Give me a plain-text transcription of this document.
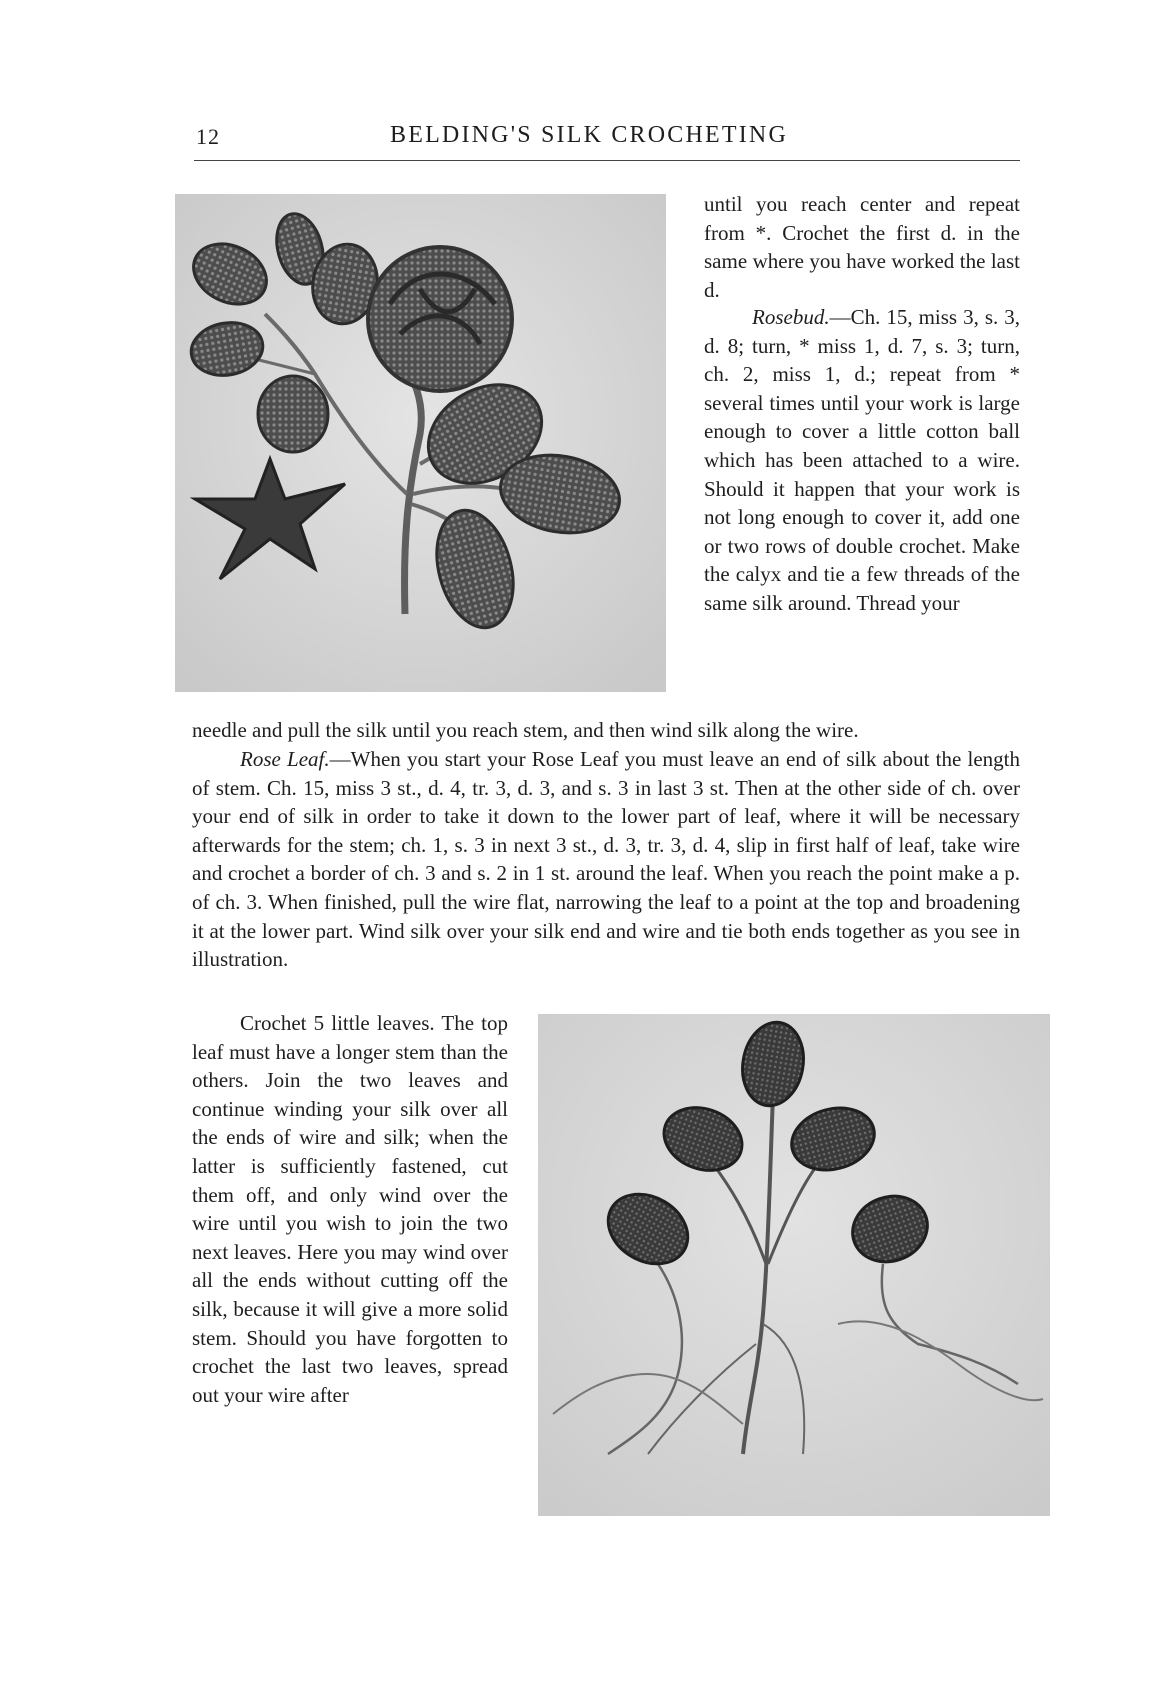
12	BELDING'S SILK CROCHETING

until you reach center and repeat from *. Crochet the first d. in the same where you have worked the last d.

Rosebud.—Ch. 15, miss 3, s. 3, d. 8; turn, * miss 1, d. 7, s. 3; turn, ch. 2, miss 1, d.; repeat from * several times until your work is large enough to cover a little cotton ball which has been attached to a wire. Should it happen that your work is not long enough to cover it, add one or two rows of double crochet. Make the calyx and tie a few threads of the same silk around. Thread your

needle and pull the silk until you reach stem, and then wind silk along the wire.

Rose Leaf.—When you start your Rose Leaf you must leave an end of silk about the length of stem. Ch. 15, miss 3 st., d. 4, tr. 3, d. 3, and s. 3 in last 3 st. Then at the other side of ch. over your end of silk in order to take it down to the lower part of leaf, where it will be necessary afterwards for the stem; ch. 1, s. 3 in next 3 st., d. 3, tr. 3, d. 4, slip in first half of leaf, take wire and crochet a border of ch. 3 and s. 2 in 1 st. around the leaf. When you reach the point make a p. of ch. 3. When finished, pull the wire flat, narrowing the leaf to a point at the top and broadening it at the lower part. Wind silk over your silk end and wire and tie both ends together as you see in illustration.

Crochet 5 little leaves. The top leaf must have a longer stem than the others. Join the two leaves and continue winding your silk over all the ends of wire and silk; when the latter is sufficiently fastened, cut them off, and only wind over the wire until you wish to join the two next leaves. Here you may wind over all the ends without cutting off the silk, because it will give a more solid stem. Should you have forgotten to crochet the last two leaves, spread out your wire after
